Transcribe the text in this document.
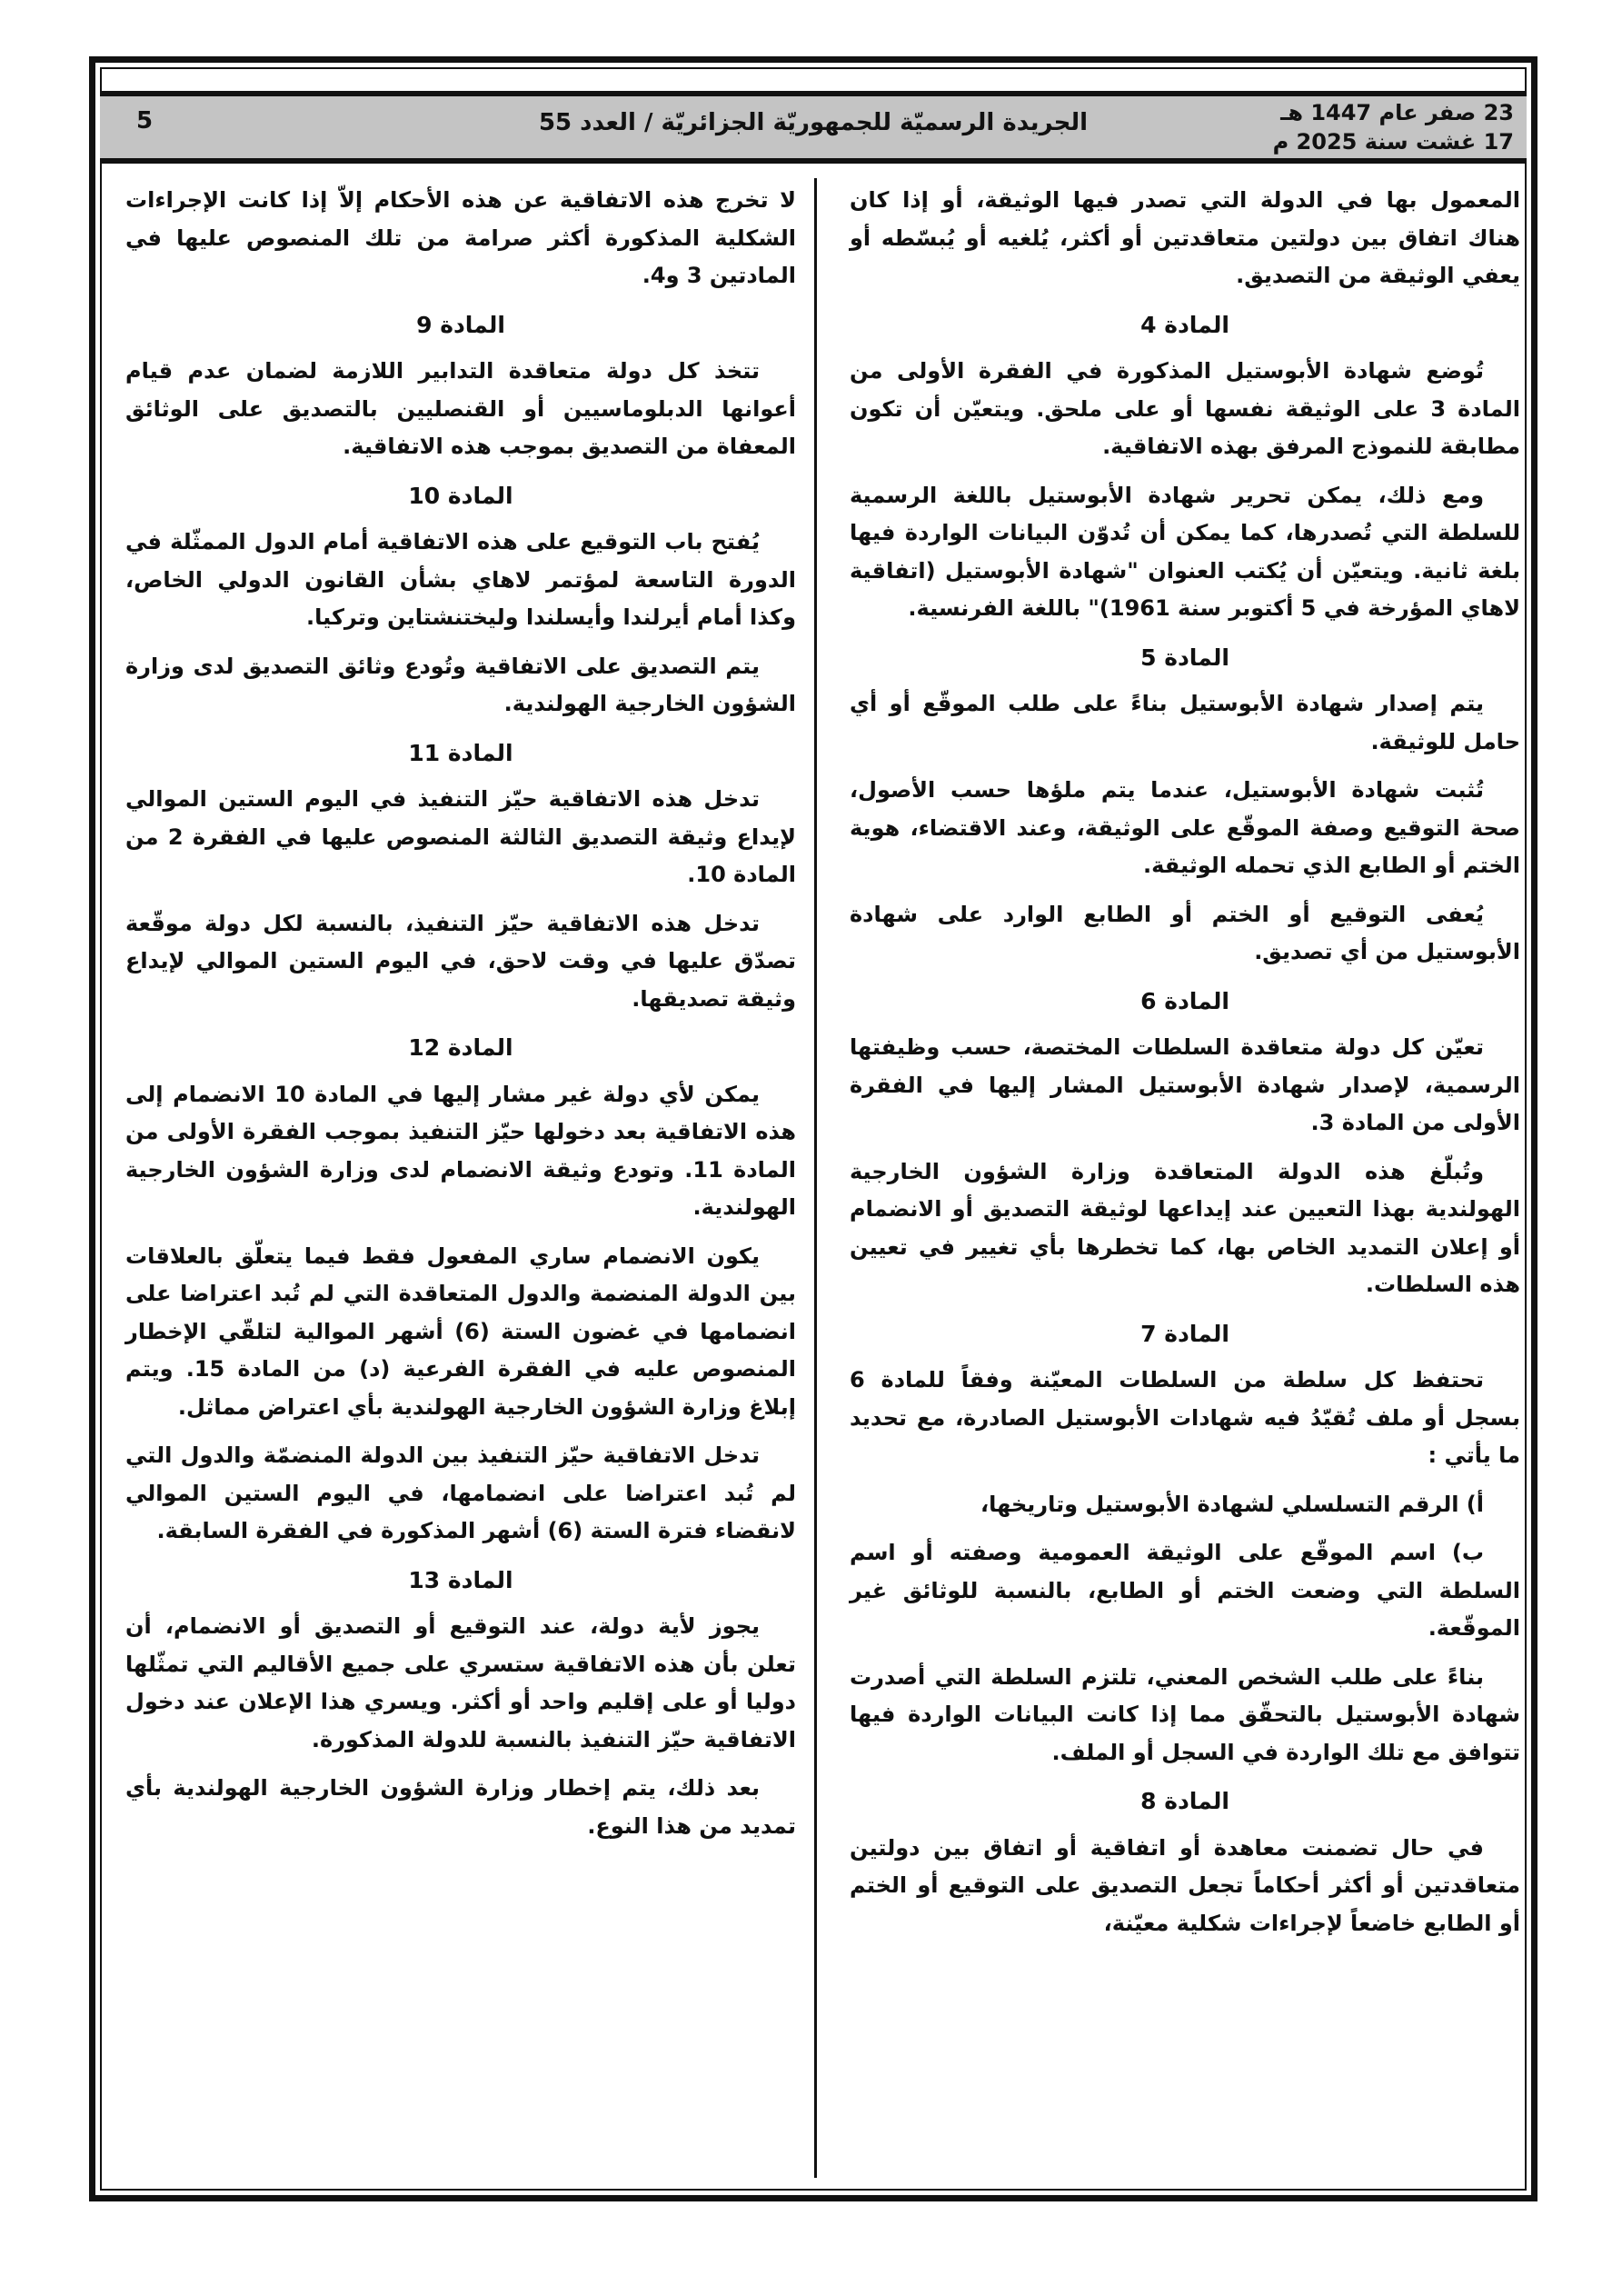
23 صفر عام 1447 هـ
17 غشت سنة 2025 م
الجريدة الرسميّة للجمهوريّة الجزائريّة / العدد 55
5

المعمول بها في الدولة التي تصدر فيها الوثيقة، أو إذا كان هناك اتفاق بين دولتين متعاقدتين أو أكثر، يُلغيه أو يُبسّطه أو يعفي الوثيقة من التصديق.

المادة 4

تُوضع شهادة الأبوستيل المذكورة في الفقرة الأولى من المادة 3 على الوثيقة نفسها أو على ملحق. ويتعيّن أن تكون مطابقة للنموذج المرفق بهذه الاتفاقية.

ومع ذلك، يمكن تحرير شهادة الأبوستيل باللغة الرسمية للسلطة التي تُصدرها، كما يمكن أن تُدوّن البيانات الواردة فيها بلغة ثانية. ويتعيّن أن يُكتب العنوان "شهادة الأبوستيل (اتفاقية لاهاي المؤرخة في 5 أكتوبر سنة 1961)" باللغة الفرنسية.

المادة 5

يتم إصدار شهادة الأبوستيل بناءً على طلب الموقّع أو أي حامل للوثيقة.

تُثبت شهادة الأبوستيل، عندما يتم ملؤها حسب الأصول، صحة التوقيع وصفة الموقّع على الوثيقة، وعند الاقتضاء، هوية الختم أو الطابع الذي تحمله الوثيقة.

يُعفى التوقيع أو الختم أو الطابع الوارد على شهادة الأبوستيل من أي تصديق.

المادة 6

تعيّن كل دولة متعاقدة السلطات المختصة، حسب وظيفتها الرسمية، لإصدار شهادة الأبوستيل المشار إليها في الفقرة الأولى من المادة 3.

وتُبلّغ هذه الدولة المتعاقدة وزارة الشؤون الخارجية الهولندية بهذا التعيين عند إيداعها لوثيقة التصديق أو الانضمام أو إعلان التمديد الخاص بها، كما تخطرها بأي تغيير في تعيين هذه السلطات.

المادة 7

تحتفظ كل سلطة من السلطات المعيّنة وفقاً للمادة 6 بسجل أو ملف تُقيّدُ فيه شهادات الأبوستيل الصادرة، مع تحديد ما يأتي :

أ) الرقم التسلسلي لشهادة الأبوستيل وتاريخها،

ب) اسم الموقّع على الوثيقة العمومية وصفته أو اسم السلطة التي وضعت الختم أو الطابع، بالنسبة للوثائق غير الموقّعة.

بناءً على طلب الشخص المعني، تلتزم السلطة التي أصدرت شهادة الأبوستيل بالتحقّق مما إذا كانت البيانات الواردة فيها تتوافق مع تلك الواردة في السجل أو الملف.

المادة 8

في حال تضمنت معاهدة أو اتفاقية أو اتفاق بين دولتين متعاقدتين أو أكثر أحكاماً تجعل التصديق على التوقيع أو الختم أو الطابع خاضعاً لإجراءات شكلية معيّنة،

لا تخرج هذه الاتفاقية عن هذه الأحكام إلاّ إذا كانت الإجراءات الشكلية المذكورة أكثر صرامة من تلك المنصوص عليها في المادتين 3 و4.

المادة 9

تتخذ كل دولة متعاقدة التدابير اللازمة لضمان عدم قيام أعوانها الدبلوماسيين أو القنصليين بالتصديق على الوثائق المعفاة من التصديق بموجب هذه الاتفاقية.

المادة 10

يُفتح باب التوقيع على هذه الاتفاقية أمام الدول الممثّلة في الدورة التاسعة لمؤتمر لاهاي بشأن القانون الدولي الخاص، وكذا أمام أيرلندا وأيسلندا وليختنشتاين وتركيا.

يتم التصديق على الاتفاقية وتُودع وثائق التصديق لدى وزارة الشؤون الخارجية الهولندية.

المادة 11

تدخل هذه الاتفاقية حيّز التنفيذ في اليوم الستين الموالي لإيداع وثيقة التصديق الثالثة المنصوص عليها في الفقرة 2 من المادة 10.

تدخل هذه الاتفاقية حيّز التنفيذ، بالنسبة لكل دولة موقّعة تصدّق عليها في وقت لاحق، في اليوم الستين الموالي لإيداع وثيقة تصديقها.

المادة 12

يمكن لأي دولة غير مشار إليها في المادة 10 الانضمام إلى هذه الاتفاقية بعد دخولها حيّز التنفيذ بموجب الفقرة الأولى من المادة 11. وتودع وثيقة الانضمام لدى وزارة الشؤون الخارجية الهولندية.

يكون الانضمام ساري المفعول فقط فيما يتعلّق بالعلاقات بين الدولة المنضمة والدول المتعاقدة التي لم تُبد اعتراضا على انضمامها في غضون الستة (6) أشهر الموالية لتلقّي الإخطار المنصوص عليه في الفقرة الفرعية (د) من المادة 15. ويتم إبلاغ وزارة الشؤون الخارجية الهولندية بأي اعتراض مماثل.

تدخل الاتفاقية حيّز التنفيذ بين الدولة المنضمّة والدول التي لم تُبد اعتراضا على انضمامها، في اليوم الستين الموالي لانقضاء فترة الستة (6) أشهر المذكورة في الفقرة السابقة.

المادة 13

يجوز لأية دولة، عند التوقيع أو التصديق أو الانضمام، أن تعلن بأن هذه الاتفاقية ستسري على جميع الأقاليم التي تمثّلها دوليا أو على إقليم واحد أو أكثر. ويسري هذا الإعلان عند دخول الاتفاقية حيّز التنفيذ بالنسبة للدولة المذكورة.

بعد ذلك، يتم إخطار وزارة الشؤون الخارجية الهولندية بأي تمديد من هذا النوع.
